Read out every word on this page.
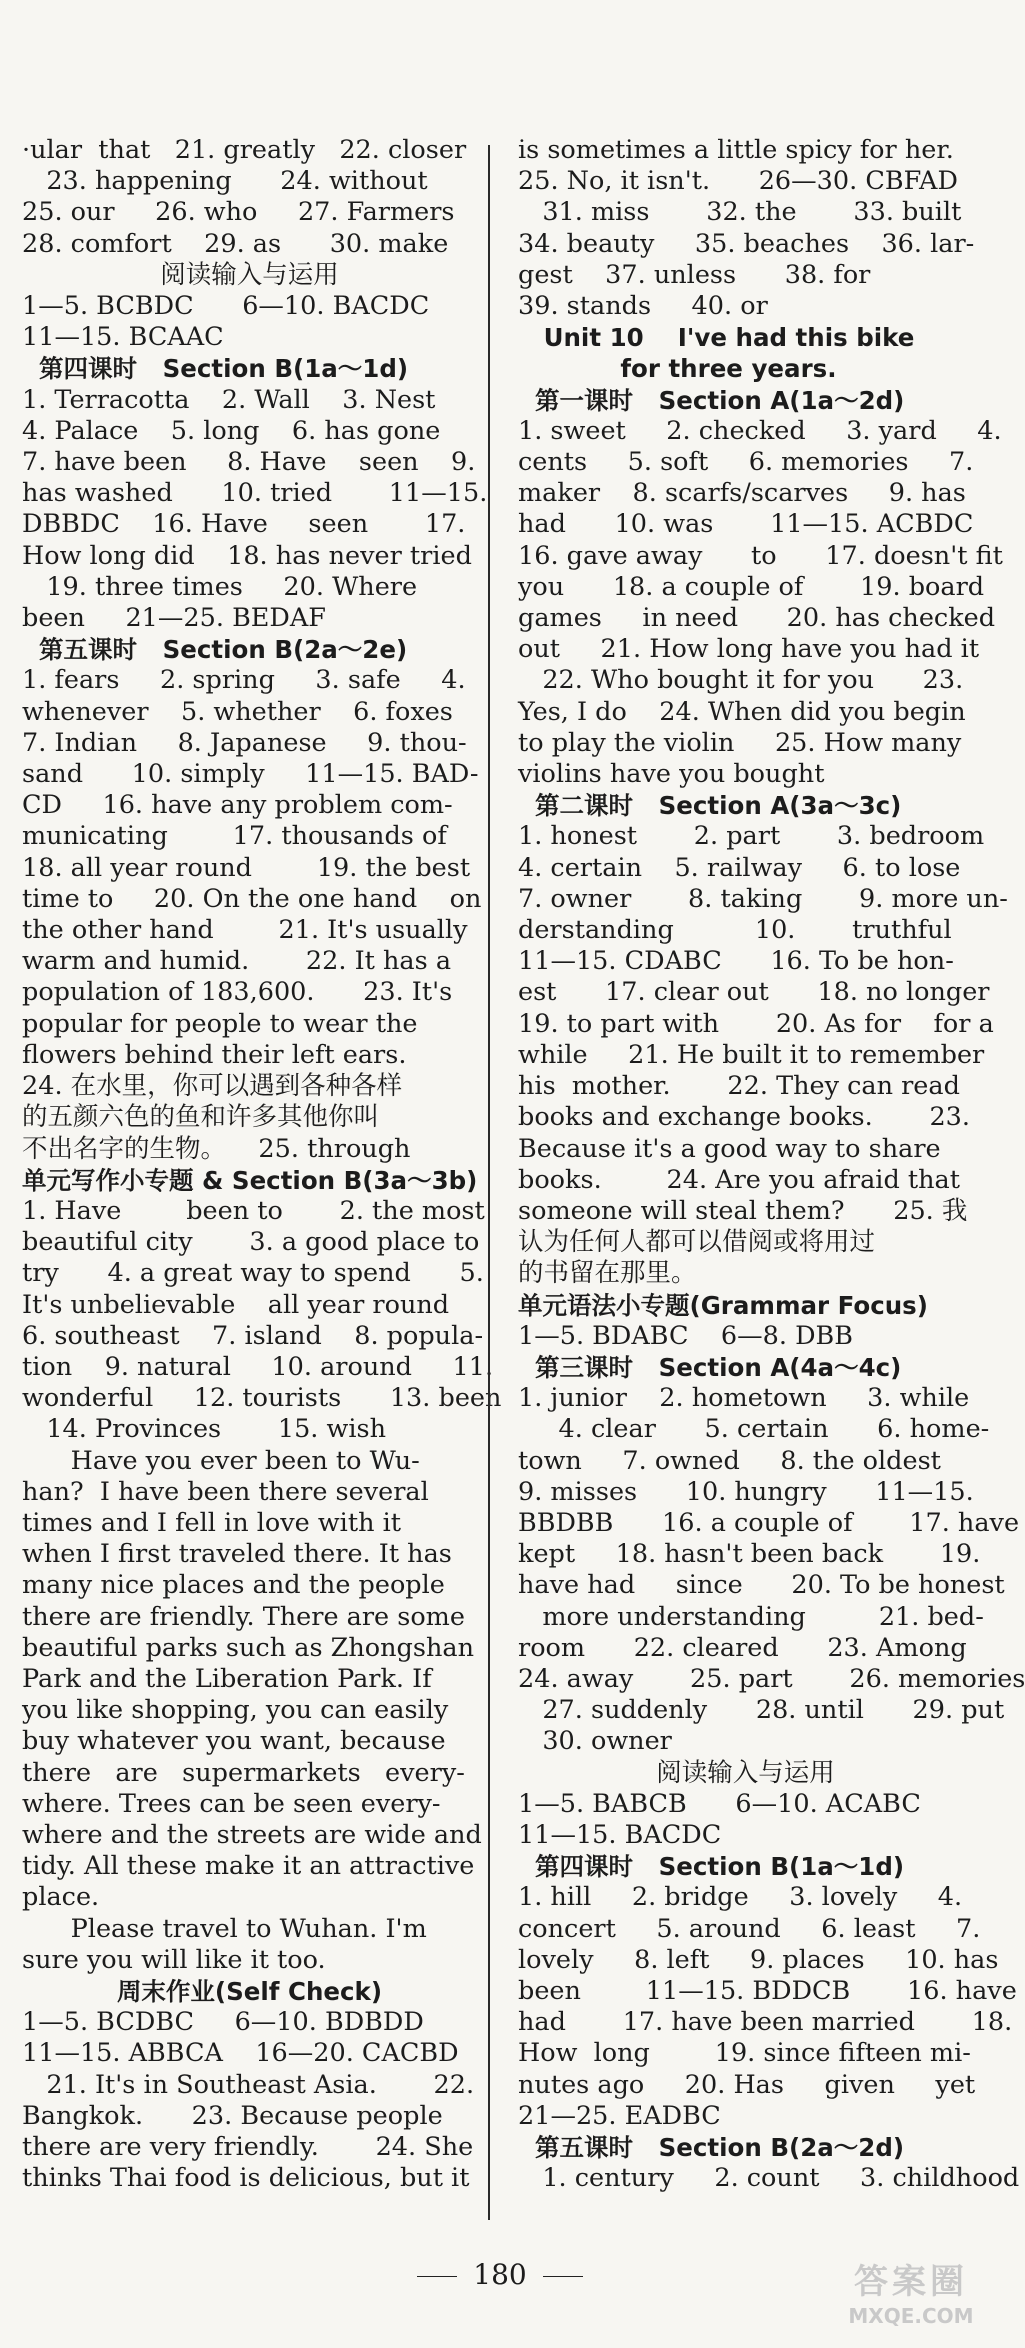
·ular  that   21. greatly   22. closer
23. happening      24. without
25. our     26. who     27. Farmers
28. comfort    29. as      30. make
阅读输入与运用
1—5. BCBDC      6—10. BACDC
11—15. BCAAC
第四课时   Section B(1a～1d)
1. Terracotta    2. Wall    3. Nest
4. Palace    5. long    6. has gone
7. have been     8. Have    seen    9.
has washed      10. tried       11—15.
DBBDC    16. Have     seen       17.
How long did    18. has never tried
19. three times     20. Where
been     21—25. BEDAF
第五课时   Section B(2a～2e)
1. fears     2. spring     3. safe     4.
whenever    5. whether    6. foxes
7. Indian     8. Japanese     9. thou-
sand      10. simply     11—15. BAD-
CD     16. have any problem com-
municating        17. thousands of
18. all year round        19. the best
time to     20. On the one hand    on
the other hand        21. It's usually
warm and humid.       22. It has a
population of 183,600.      23. It's
popular for people to wear the
flowers behind their left ears.
24. 在水里，你可以遇到各种各样
的五颜六色的鱼和许多其他你叫
不出名字的生物。    25. through
单元写作小专题 & Section B(3a～3b)
1. Have        been to       2. the most
beautiful city       3. a good place to
try      4. a great way to spend      5.
It's unbelievable    all year round
6. southeast    7. island    8. popula-
tion    9. natural     10. around     11.
wonderful     12. tourists      13. been
14. Provinces       15. wish
Have you ever been to Wu-
han?  I have been there several
times and I fell in love with it
when I first traveled there. It has
many nice places and the people
there are friendly. There are some
beautiful parks such as Zhongshan
Park and the Liberation Park. If
you like shopping, you can easily
buy whatever you want, because
there   are   supermarkets   every-
where. Trees can be seen every-
where and the streets are wide and
tidy. All these make it an attractive
place.
Please travel to Wuhan. I'm
sure you will like it too.
周末作业(Self Check)
1—5. BCDBC     6—10. BDBDD
11—15. ABBCA    16—20. CACBD
21. It's in Southeast Asia.       22.
Bangkok.      23. Because people
there are very friendly.       24. She
thinks Thai food is delicious, but it
is sometimes a little spicy for her.
25. No, it isn't.      26—30. CBFAD
31. miss       32. the       33. built
34. beauty     35. beaches    36. lar-
gest    37. unless      38. for
39. stands     40. or
Unit 10    I've had this bike
for three years.
第一课时   Section A(1a～2d)
1. sweet     2. checked     3. yard     4.
cents     5. soft     6. memories     7.
maker    8. scarfs/scarves     9. has
had      10. was       11—15. ACBDC
16. gave away      to      17. doesn't fit
you      18. a couple of       19. board
games     in need      20. has checked
out     21. How long have you had it
22. Who bought it for you      23.
Yes, I do    24. When did you begin
to play the violin     25. How many
violins have you bought
第二课时   Section A(3a～3c)
1. honest       2. part       3. bedroom
4. certain    5. railway     6. to lose
7. owner       8. taking       9. more un-
derstanding          10.       truthful
11—15. CDABC      16. To be hon-
est      17. clear out      18. no longer
19. to part with       20. As for    for a
while     21. He built it to remember
his  mother.       22. They can read
books and exchange books.       23.
Because it's a good way to share
books.        24. Are you afraid that
someone will steal them?      25. 我
认为任何人都可以借阅或将用过
的书留在那里。
单元语法小专题(Grammar Focus)
1—5. BDABC    6—8. DBB
第三课时   Section A(4a～4c)
1. junior    2. hometown     3. while
4. clear      5. certain      6. home-
town     7. owned     8. the oldest
9. misses      10. hungry      11—15.
BBDBB      16. a couple of       17. have
kept     18. hasn't been back       19.
have had     since      20. To be honest
more understanding         21. bed-
room      22. cleared      23. Among
24. away       25. part       26. memories
27. suddenly      28. until      29. put
30. owner
阅读输入与运用
1—5. BABCB      6—10. ACABC
11—15. BACDC
第四课时   Section B(1a～1d)
1. hill     2. bridge     3. lovely     4.
concert     5. around     6. least     7.
lovely     8. left     9. places     10. has
been        11—15. BDDCB       16. have
had       17. have been married       18.
How  long        19. since fifteen mi-
nutes ago     20. Has     given     yet
21—25. EADBC
第五课时   Section B(2a～2d)
1. century     2. count     3. childhood
180	答案圈
MXQE.COM
